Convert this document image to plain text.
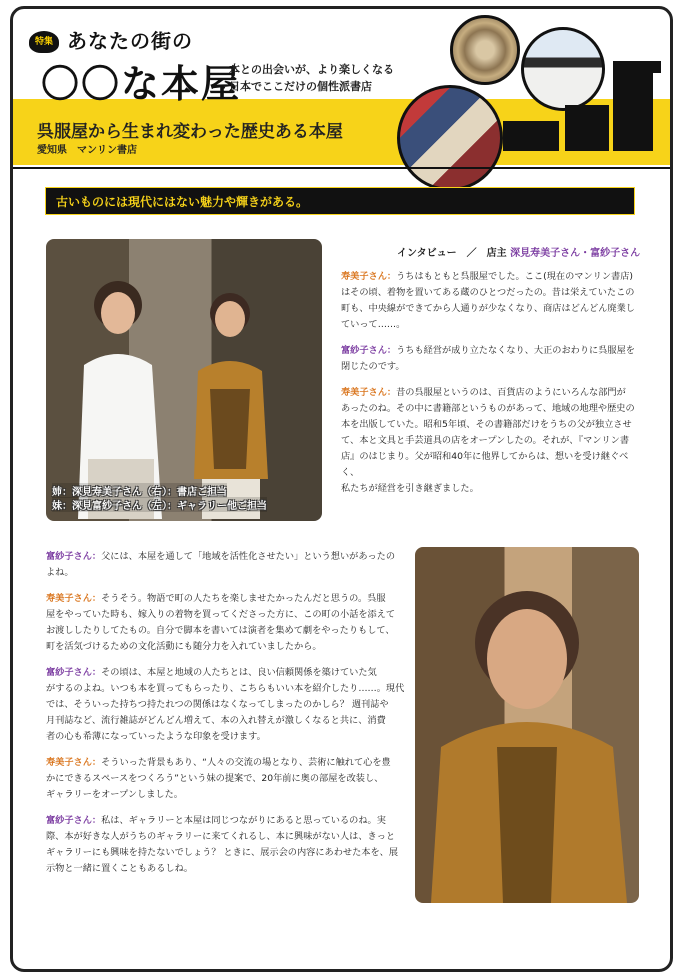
特集 あなたの街の
〇〇な本屋
本との出会いが、より楽しくなる
日本でここだけの個性派書店
呉服屋から生まれ変わった歴史ある本屋
愛知県　マンリン書店
古いものには現代にはない魅力や輝きがある。
姉：深見寿美子さん（右）：書店ご担当
妹：深見富紗子さん（左）：ギャラリー他ご担当
インタビュー　／　店主 深見寿美子さん・富紗子さん
寿美子さん：うちはもともと呉服屋でした。ここ(現在のマンリン書店)
はその頃、着物を置いてある蔵のひとつだったの。昔は栄えていたこの
町も、中央線ができてから人通りが少なくなり、商店はどんどん廃業し
ていって……。
富紗子さん：うちも経営が成り立たなくなり、大正のおわりに呉服屋を
閉じたのです。
寿美子さん：昔の呉服屋というのは、百貨店のようにいろんな部門が
あったのね。その中に書籍部というものがあって、地域の地理や歴史の
本を出版していた。昭和5年頃、その書籍部だけをうちの父が独立させ
て、本と文具と手芸道具の店をオープンしたの。それが、『マンリン書
店』のはじまり。父が昭和40年に他界してからは、想いを受け継ぐべく、
私たちが経営を引き継ぎました。
富紗子さん：父には、本屋を通して「地域を活性化させたい」という想いがあったの
よね。
寿美子さん：そうそう。物語で町の人たちを楽しませたかったんだと思うの。呉服
屋をやっていた時も、嫁入りの着物を買ってくださった方に、この町の小話を添えて
お渡ししたりしてたもの。自分で脚本を書いては演者を集めて劇をやったりもして、
町を活気づけるための文化活動にも随分力を入れていましたから。
富紗子さん：その頃は、本屋と地域の人たちとは、良い信頼関係を築けていた気
がするのよね。いつも本を買ってもらったり、こちらもいい本を紹介したり……。現代
では、そういった持ちつ持たれつの関係はなくなってしまったのかしら？ 週刊誌や
月刊誌など、流行雑誌がどんどん増えて、本の入れ替えが激しくなると共に、消費
者の心も希薄になっていったような印象を受けます。
寿美子さん：そういった背景もあり、“人々の交流の場となり、芸術に触れて心を豊
かにできるスペースをつくろう”という妹の提案で、20年前に奥の部屋を改装し、
ギャラリーをオープンしました。
富紗子さん：私は、ギャラリーと本屋は同じつながりにあると思っているのね。実
際、本が好きな人がうちのギャラリーに来てくれるし、本に興味がない人は、きっと
ギャラリーにも興味を持たないでしょう？ ときに、展示会の内容にあわせた本を、展
示物と一緒に置くこともあるしね。
